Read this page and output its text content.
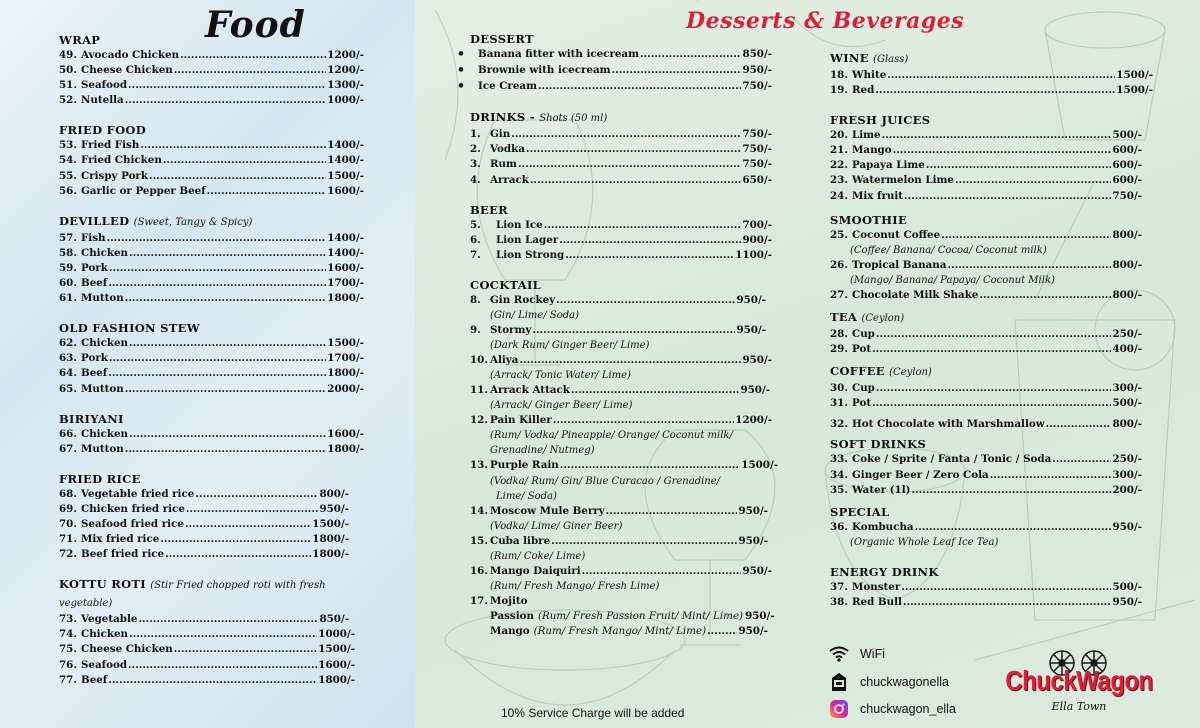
Food	Desserts & Beverages
WRAP
49. Avocado Chicken .....	1200/-
50. Cheese Chicken .....	1200/-
51. Seafood .....	1300/-
52. Nutella .....	1000/-
FRIED FOOD
53. Fried Fish .....	1400/-
54. Fried Chicken .....	1400/-
55. Crispy Pork .....	1500/-
56. Garlic or Pepper Beef .....	1600/-
DEVILLED (Sweet, Tangy & Spicy)
57. Fish .....	1400/-
58. Chicken .....	1400/-
59. Pork .....	1600/-
60. Beef .....	1700/-
61. Mutton .....	1800/-
OLD FASHION STEW
62. Chicken .....	1500/-
63. Pork .....	1700/-
64. Beef .....	1800/-
65. Mutton .....	2000/-
BIRIYANI
66. Chicken .....	1600/-
67. Mutton .....	1800/-
FRIED RICE
68. Vegetable fried rice .....	800/-
69. Chicken fried rice .....	950/-
70. Seafood fried rice .....	1500/-
71. Mix fried rice .....	1800/-
72. Beef fried rice .....	1800/-
KOTTU ROTI (Stir Fried chopped roti with fresh vegetable)
73. Vegetable .....	850/-
74. Chicken .....	1000/-
75. Cheese Chicken .....	1500/-
76. Seafood .....	1600/-
77. Beef .....	1800/-
DESSERT
●
Banana fitter with icecream .....	850/-
●
Brownie with icecream .....	950/-
●
Ice Cream .....	750/-
DRINKS - Shots (50 ml)
1. Gin .....	750/-
2. Vodka .....	750/-
3. Rum .....	750/-
4. Arrack .....	650/-
BEER
5.	Lion Ice .....	700/-
6.	Lion Lager .....	900/-
7.	Lion Strong .....	1100/-
COCKTAIL
8. Gin Rockey .....	950/-
(Gin/ Lime/ Soda)
9. Stormy .....	950/-
(Dark Rum/ Ginger Beer/ Lime)
10. Aliya .....	950/-
(Arrack/ Tonic Water/ Lime)
11. Arrack Attack .....	950/-
(Arrack/ Ginger Beer/ Lime)
12. Pain Killer .....	1200/-
(Rum/ Vodka/ Pineapple/ Orange/ Coconut milk/
Grenadine/ Nutmeg)
13. Purple Rain .....	1500/-
(Vodka/ Rum/ Gin/ Blue Curacao / Grenadine/
Lime/ Soda)
14. Moscow Mule Berry .....	950/-
(Vodka/ Lime/ Giner Beer)
15. Cuba libre .....	950/-
(Rum/ Coke/ Lime)
16. Mango Daiquiri .....	950/-
(Rum/ Fresh Mango/ Fresh Lime)
17. Mojito
Passion (Rum/ Fresh Passion Fruit/ Mint/ Lime) 950/-
Mango (Rum/ Fresh Mango/ Mint/ Lime) .....	950/-
WINE (Glass)
18. White .....	1500/-
19. Red .....	1500/-
FRESH JUICES
20. Lime .....	500/-
21. Mango .....	600/-
22. Papaya Lime .....	600/-
23. Watermelon Lime .....	600/-
24. Mix fruit .....	750/-
SMOOTHIE
25. Coconut Coffee .....	800/-
(Coffee/ Banana/ Cocoa/ Coconut milk)
26. Tropical Banana .....	800/-
(Mango/ Banana/ Papaya/ Coconut Milk)
27. Chocolate Milk Shake .....	800/-
TEA (Ceylon)
28. Cup .....	250/-
29. Pot .....	400/-
COFFEE (Ceylon)
30. Cup .....	300/-
31. Pot .....	500/-
32. Hot Chocolate with Marshmallow .....	800/-
SOFT DRINKS
33. Coke / Sprite / Fanta / Tonic / Soda .....	250/-
34. Ginger Beer / Zero Cola .....	300/-
35. Water (1l) .....	200/-
SPECIAL
36. Kombucha .....	950/-
(Organic Whole Leaf Ice Tea)
ENERGY DRINK
37. Monster .....	500/-
38. Red Bull .....	950/-
10% Service Charge will be added
WiFi
chuckwagonella
chuckwagon_ella
ChuckWagon
Ella Town
